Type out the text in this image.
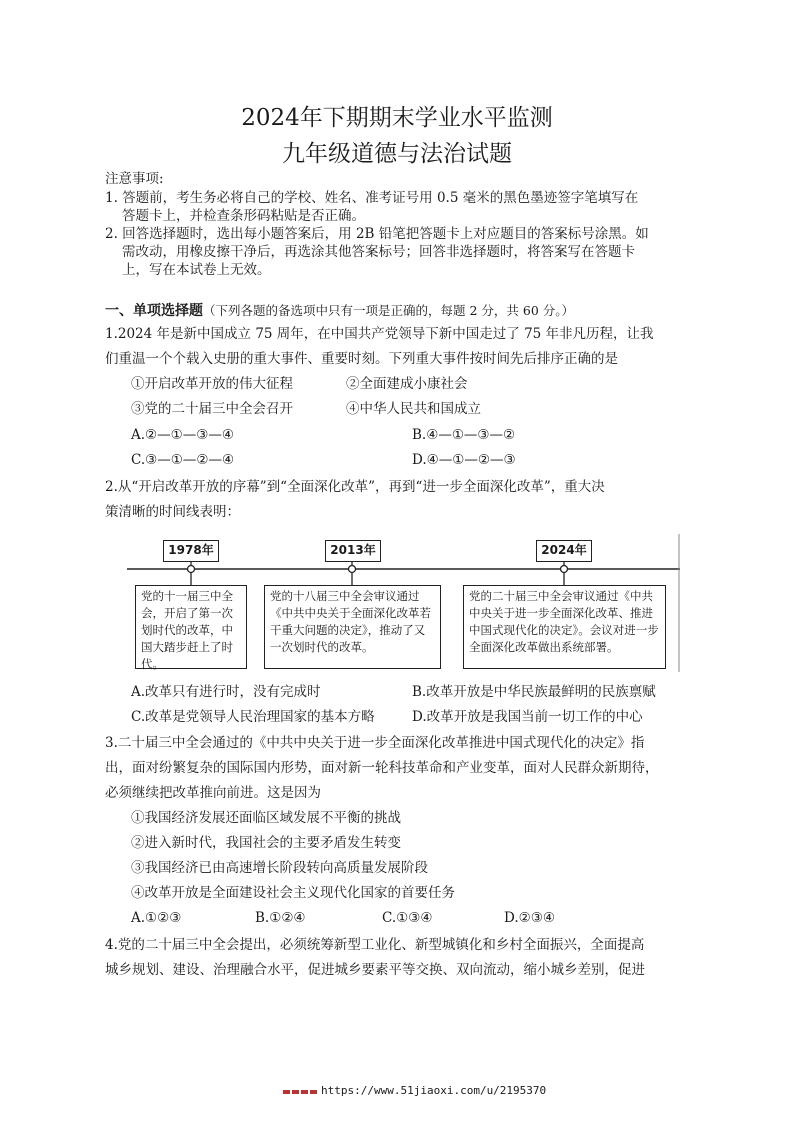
2024年下期期末学业水平监测
九年级道德与法治试题
注意事项:
1. 答题前，考生务必将自己的学校、姓名、准考证号用 0.5 毫米的黑色墨迹签字笔填写在
答题卡上，并检查条形码粘贴是否正确。
2. 回答选择题时，选出每小题答案后，用 2B 铅笔把答题卡上对应题目的答案标号涂黑。如
需改动，用橡皮擦干净后，再选涂其他答案标号；回答非选择题时，将答案写在答题卡
上，写在本试卷上无效。
一、单项选择题（下列各题的备选项中只有一项是正确的，每题 2 分，共 60 分。）
1.2024 年是新中国成立 75 周年，在中国共产党领导下新中国走过了 75 年非凡历程，让我
们重温一个个载入史册的重大事件、重要时刻。下列重大事件按时间先后排序正确的是
①开启改革开放的伟大征程	②全面建成小康社会
③党的二十届三中全会召开	④中华人民共和国成立
A.②—①—③—④	B.④—①—③—②
C.③—①—②—④	D.④—①—②—③
2.从“开启改革开放的序幕”到“全面深化改革”，再到“进一步全面深化改革”，重大决
策清晰的时间线表明：
1978年	2013年	2024年
党的十一届三中全会，开启了第一次划时代的改革，中国大踏步赶上了时代。
党的十八届三中全会审议通过《中共中央关于全面深化改革若干重大问题的决定》，推动了又一次划时代的改革。
党的二十届三中全会审议通过《中共中央关于进一步全面深化改革、推进中国式现代化的决定》。会议对进一步全面深化改革做出系统部署。
A.改革只有进行时，没有完成时	B.改革开放是中华民族最鲜明的民族禀赋
C.改革是党领导人民治理国家的基本方略	D.改革开放是我国当前一切工作的中心
3.二十届三中全会通过的《中共中央关于进一步全面深化改革推进中国式现代化的决定》指
出，面对纷繁复杂的国际国内形势，面对新一轮科技革命和产业变革，面对人民群众新期待，
必须继续把改革推向前进。这是因为
①我国经济发展还面临区域发展不平衡的挑战
②进入新时代，我国社会的主要矛盾发生转变
③我国经济已由高速增长阶段转向高质量发展阶段
④改革开放是全面建设社会主义现代化国家的首要任务
A.①②③	B.①②④	C.①③④	D.②③④
4.党的二十届三中全会提出，必须统筹新型工业化、新型城镇化和乡村全面振兴，全面提高
城乡规划、建设、治理融合水平，促进城乡要素平等交换、双向流动，缩小城乡差别，促进
https://www.51jiaoxi.com/u/2195370
